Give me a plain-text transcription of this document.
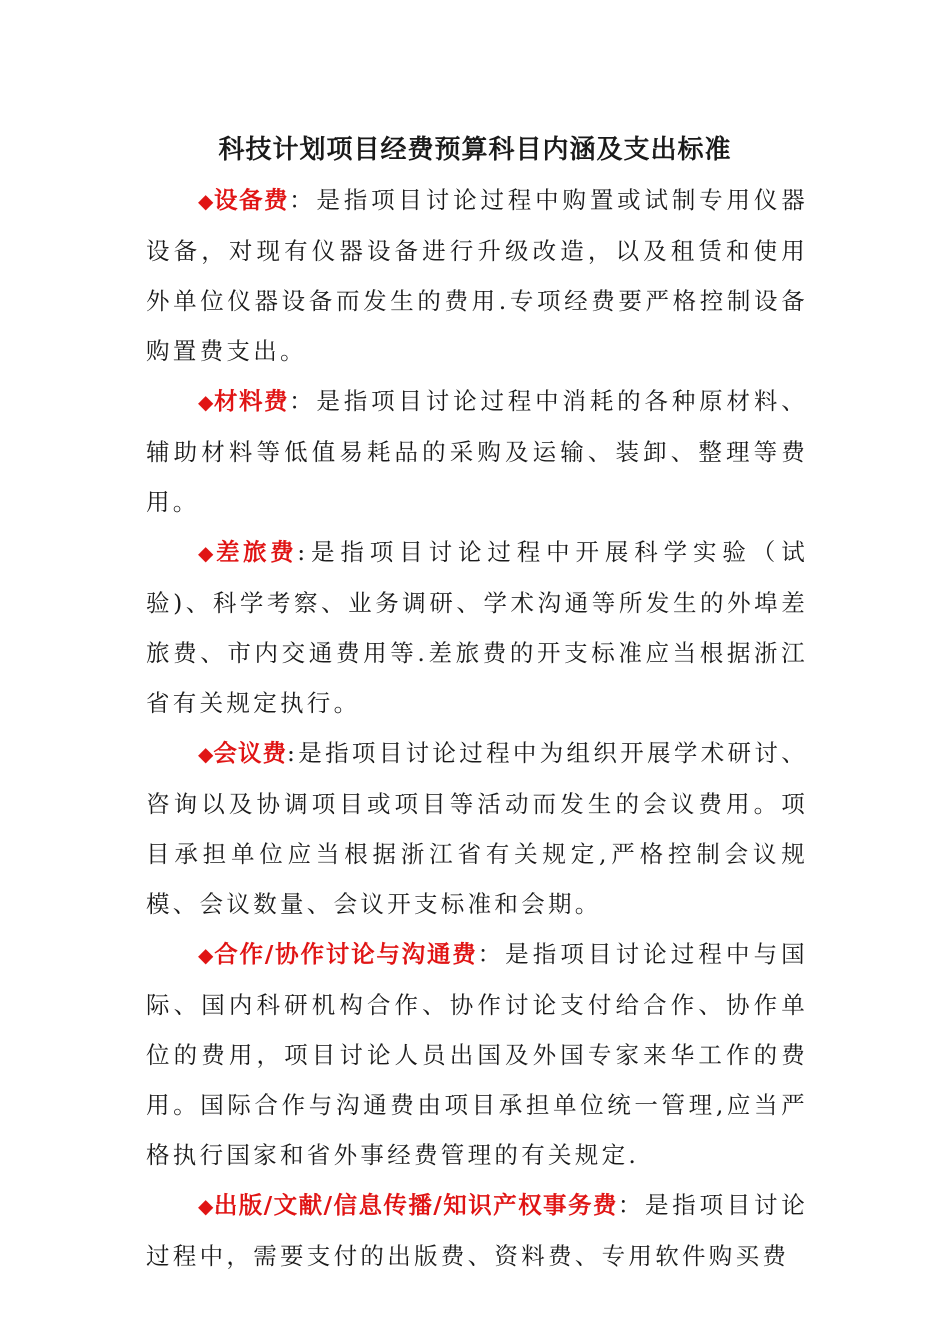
科技计划项目经费预算科目内涵及支出标准

◆设备费：是指项目讨论过程中购置或试制专用仪器设备，对现有仪器设备进行升级改造，以及租赁和使用外单位仪器设备而发生的费用.专项经费要严格控制设备购置费支出。

◆材料费：是指项目讨论过程中消耗的各种原材料、辅助材料等低值易耗品的采购及运输、装卸、整理等费用。

◆差旅费:是指项目讨论过程中开展科学实验（试验)、科学考察、业务调研、学术沟通等所发生的外埠差旅费、市内交通费用等.差旅费的开支标准应当根据浙江省有关规定执行。

◆会议费:是指项目讨论过程中为组织开展学术研讨、咨询以及协调项目或项目等活动而发生的会议费用。项目承担单位应当根据浙江省有关规定,严格控制会议规模、会议数量、会议开支标准和会期。

◆合作/协作讨论与沟通费：是指项目讨论过程中与国际、国内科研机构合作、协作讨论支付给合作、协作单位的费用，项目讨论人员出国及外国专家来华工作的费用。国际合作与沟通费由项目承担单位统一管理,应当严格执行国家和省外事经费管理的有关规定.

◆出版/文献/信息传播/知识产权事务费：是指项目讨论过程中，需要支付的出版费、资料费、专用软件购买费
